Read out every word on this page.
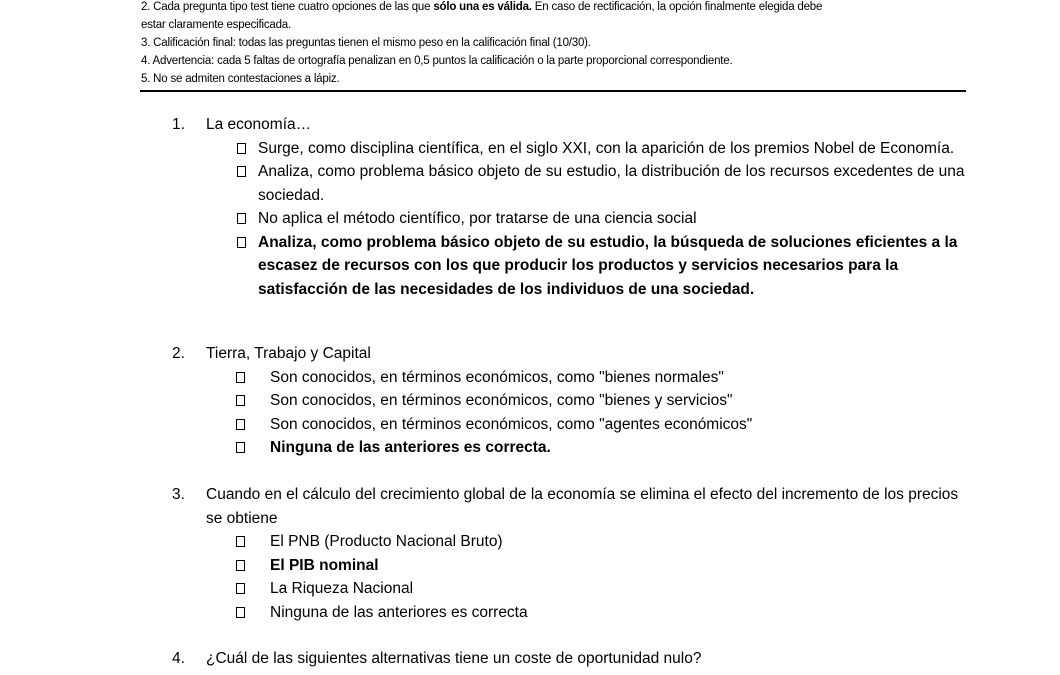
2. Cada pregunta tipo test tiene cuatro opciones de las que sólo una es válida. En caso de rectificación, la opción finalmente elegida debe
estar claramente especificada.
3. Calificación final: todas las preguntas tienen el mismo peso en la calificación final (10/30).
4. Advertencia: cada 5 faltas de ortografía penalizan en 0,5 puntos la calificación o la parte proporcional correspondiente.
5. No se admiten contestaciones a lápiz.
1. La economía…
Surge, como disciplina científica, en el siglo XXI, con la aparición de los premios Nobel de Economía.
Analiza, como problema básico objeto de su estudio, la distribución de los recursos excedentes de una sociedad.
No aplica el método científico, por tratarse de una ciencia social
Analiza, como problema básico objeto de su estudio, la búsqueda de soluciones eficientes a la escasez de recursos con los que producir los productos y servicios necesarios para la satisfacción de las necesidades de los individuos de una sociedad.
2. Tierra, Trabajo y Capital
Son conocidos, en términos económicos, como "bienes normales"
Son conocidos, en términos económicos, como "bienes y servicios"
Son conocidos, en términos económicos, como "agentes económicos"
Ninguna de las anteriores es correcta.
3. Cuando en el cálculo del crecimiento global de la economía se elimina el efecto del incremento de los precios se obtiene
El PNB (Producto Nacional Bruto)
El PIB nominal
La Riqueza Nacional
Ninguna de las anteriores es correcta
4. ¿Cuál de las siguientes alternativas tiene un coste de oportunidad nulo?
